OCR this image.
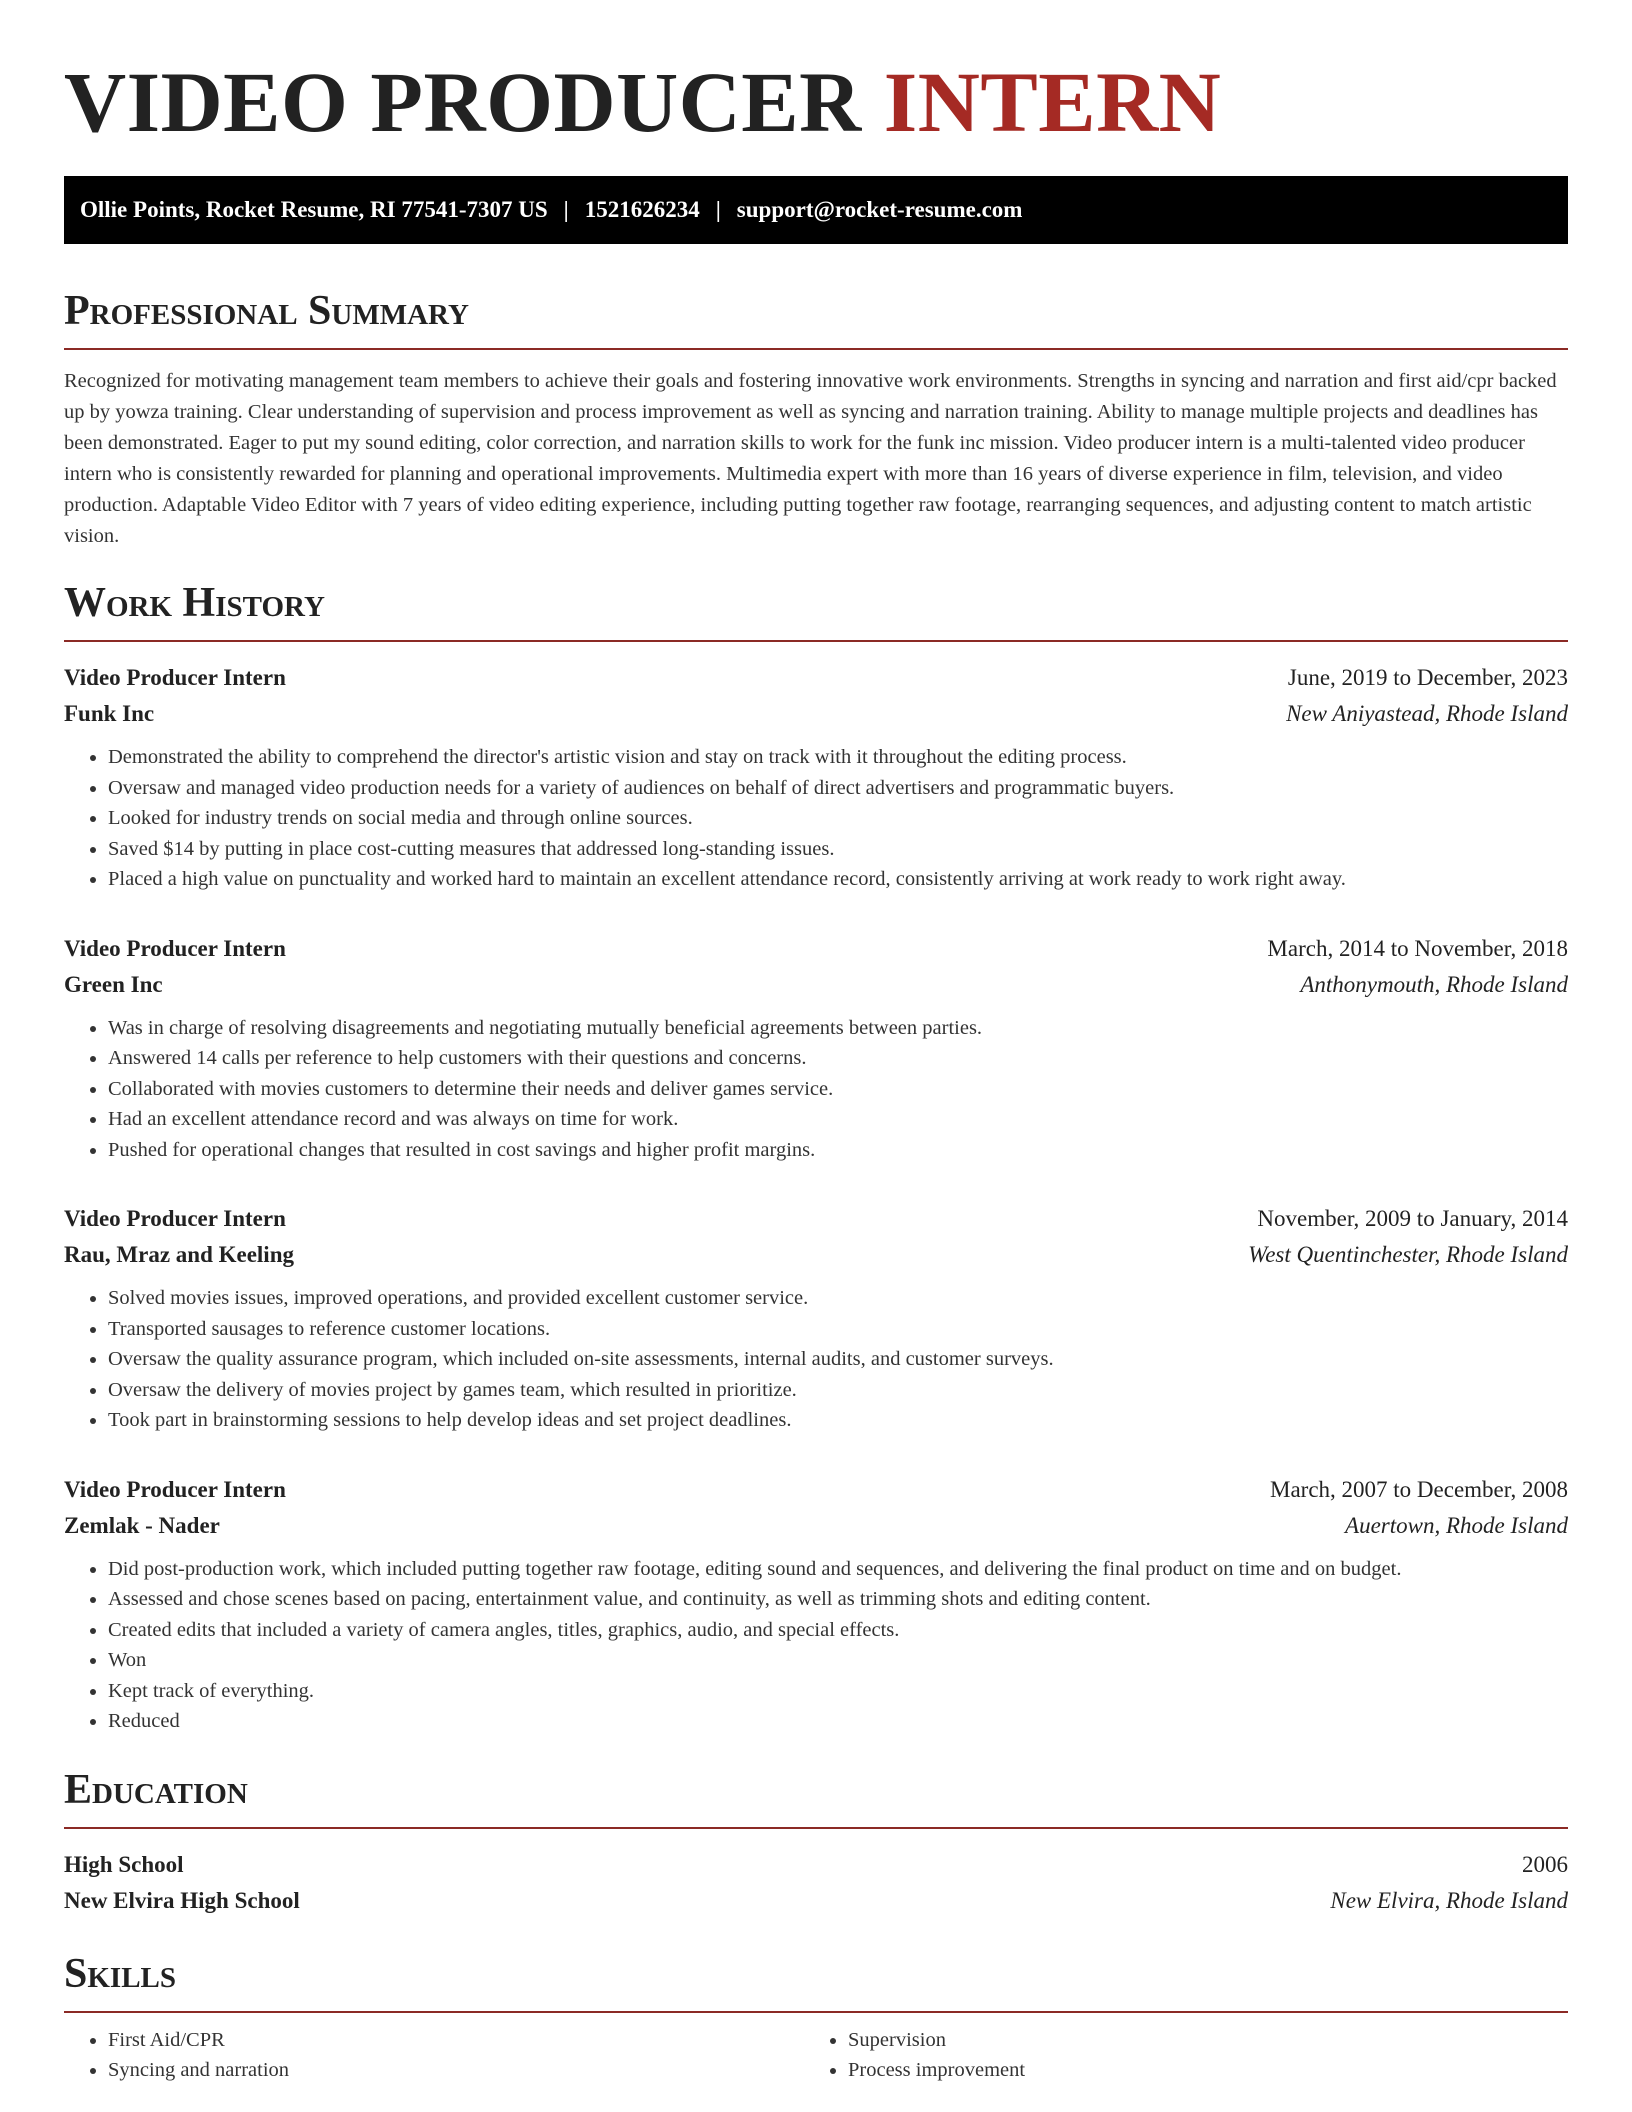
VIDEO PRODUCER INTERN
Ollie Points, Rocket Resume, RI 77541-7307 US | 1521626234 | support@rocket-resume.com
Professional Summary

Recognized for motivating management team members to achieve their goals and fostering innovative work environments. Strengths in syncing and narration and first aid/cpr backed up by yowza training. Clear understanding of supervision and process improvement as well as syncing and narration training. Ability to manage multiple projects and deadlines has been demonstrated. Eager to put my sound editing, color correction, and narration skills to work for the funk inc mission. Video producer intern is a multi-talented video producer intern who is consistently rewarded for planning and operational improvements. Multimedia expert with more than 16 years of diverse experience in film, television, and video production. Adaptable Video Editor with 7 years of video editing experience, including putting together raw footage, rearranging sequences, and adjusting content to match artistic vision.

Work History
Video Producer Intern	June, 2019 to December, 2023
Funk Inc	New Aniyastead, Rhode Island
• Demonstrated the ability to comprehend the director's artistic vision and stay on track with it throughout the editing process.
• Oversaw and managed video production needs for a variety of audiences on behalf of direct advertisers and programmatic buyers.
• Looked for industry trends on social media and through online sources.
• Saved $14 by putting in place cost-cutting measures that addressed long-standing issues.
• Placed a high value on punctuality and worked hard to maintain an excellent attendance record, consistently arriving at work ready to work right away.
Video Producer Intern	March, 2014 to November, 2018
Green Inc	Anthonymouth, Rhode Island
• Was in charge of resolving disagreements and negotiating mutually beneficial agreements between parties.
• Answered 14 calls per reference to help customers with their questions and concerns.
• Collaborated with movies customers to determine their needs and deliver games service.
• Had an excellent attendance record and was always on time for work.
• Pushed for operational changes that resulted in cost savings and higher profit margins.
Video Producer Intern	November, 2009 to January, 2014
Rau, Mraz and Keeling	West Quentinchester, Rhode Island
• Solved movies issues, improved operations, and provided excellent customer service.
• Transported sausages to reference customer locations.
• Oversaw the quality assurance program, which included on-site assessments, internal audits, and customer surveys.
• Oversaw the delivery of movies project by games team, which resulted in prioritize.
• Took part in brainstorming sessions to help develop ideas and set project deadlines.
Video Producer Intern	March, 2007 to December, 2008
Zemlak - Nader	Auertown, Rhode Island
• Did post-production work, which included putting together raw footage, editing sound and sequences, and delivering the final product on time and on budget.
• Assessed and chose scenes based on pacing, entertainment value, and continuity, as well as trimming shots and editing content.
• Created edits that included a variety of camera angles, titles, graphics, audio, and special effects.
• Won
• Kept track of everything.
• Reduced
Education
High School	2006
New Elvira High School	New Elvira, Rhode Island
Skills
• First Aid/CPR
• Syncing and narration
• Supervision
• Process improvement
